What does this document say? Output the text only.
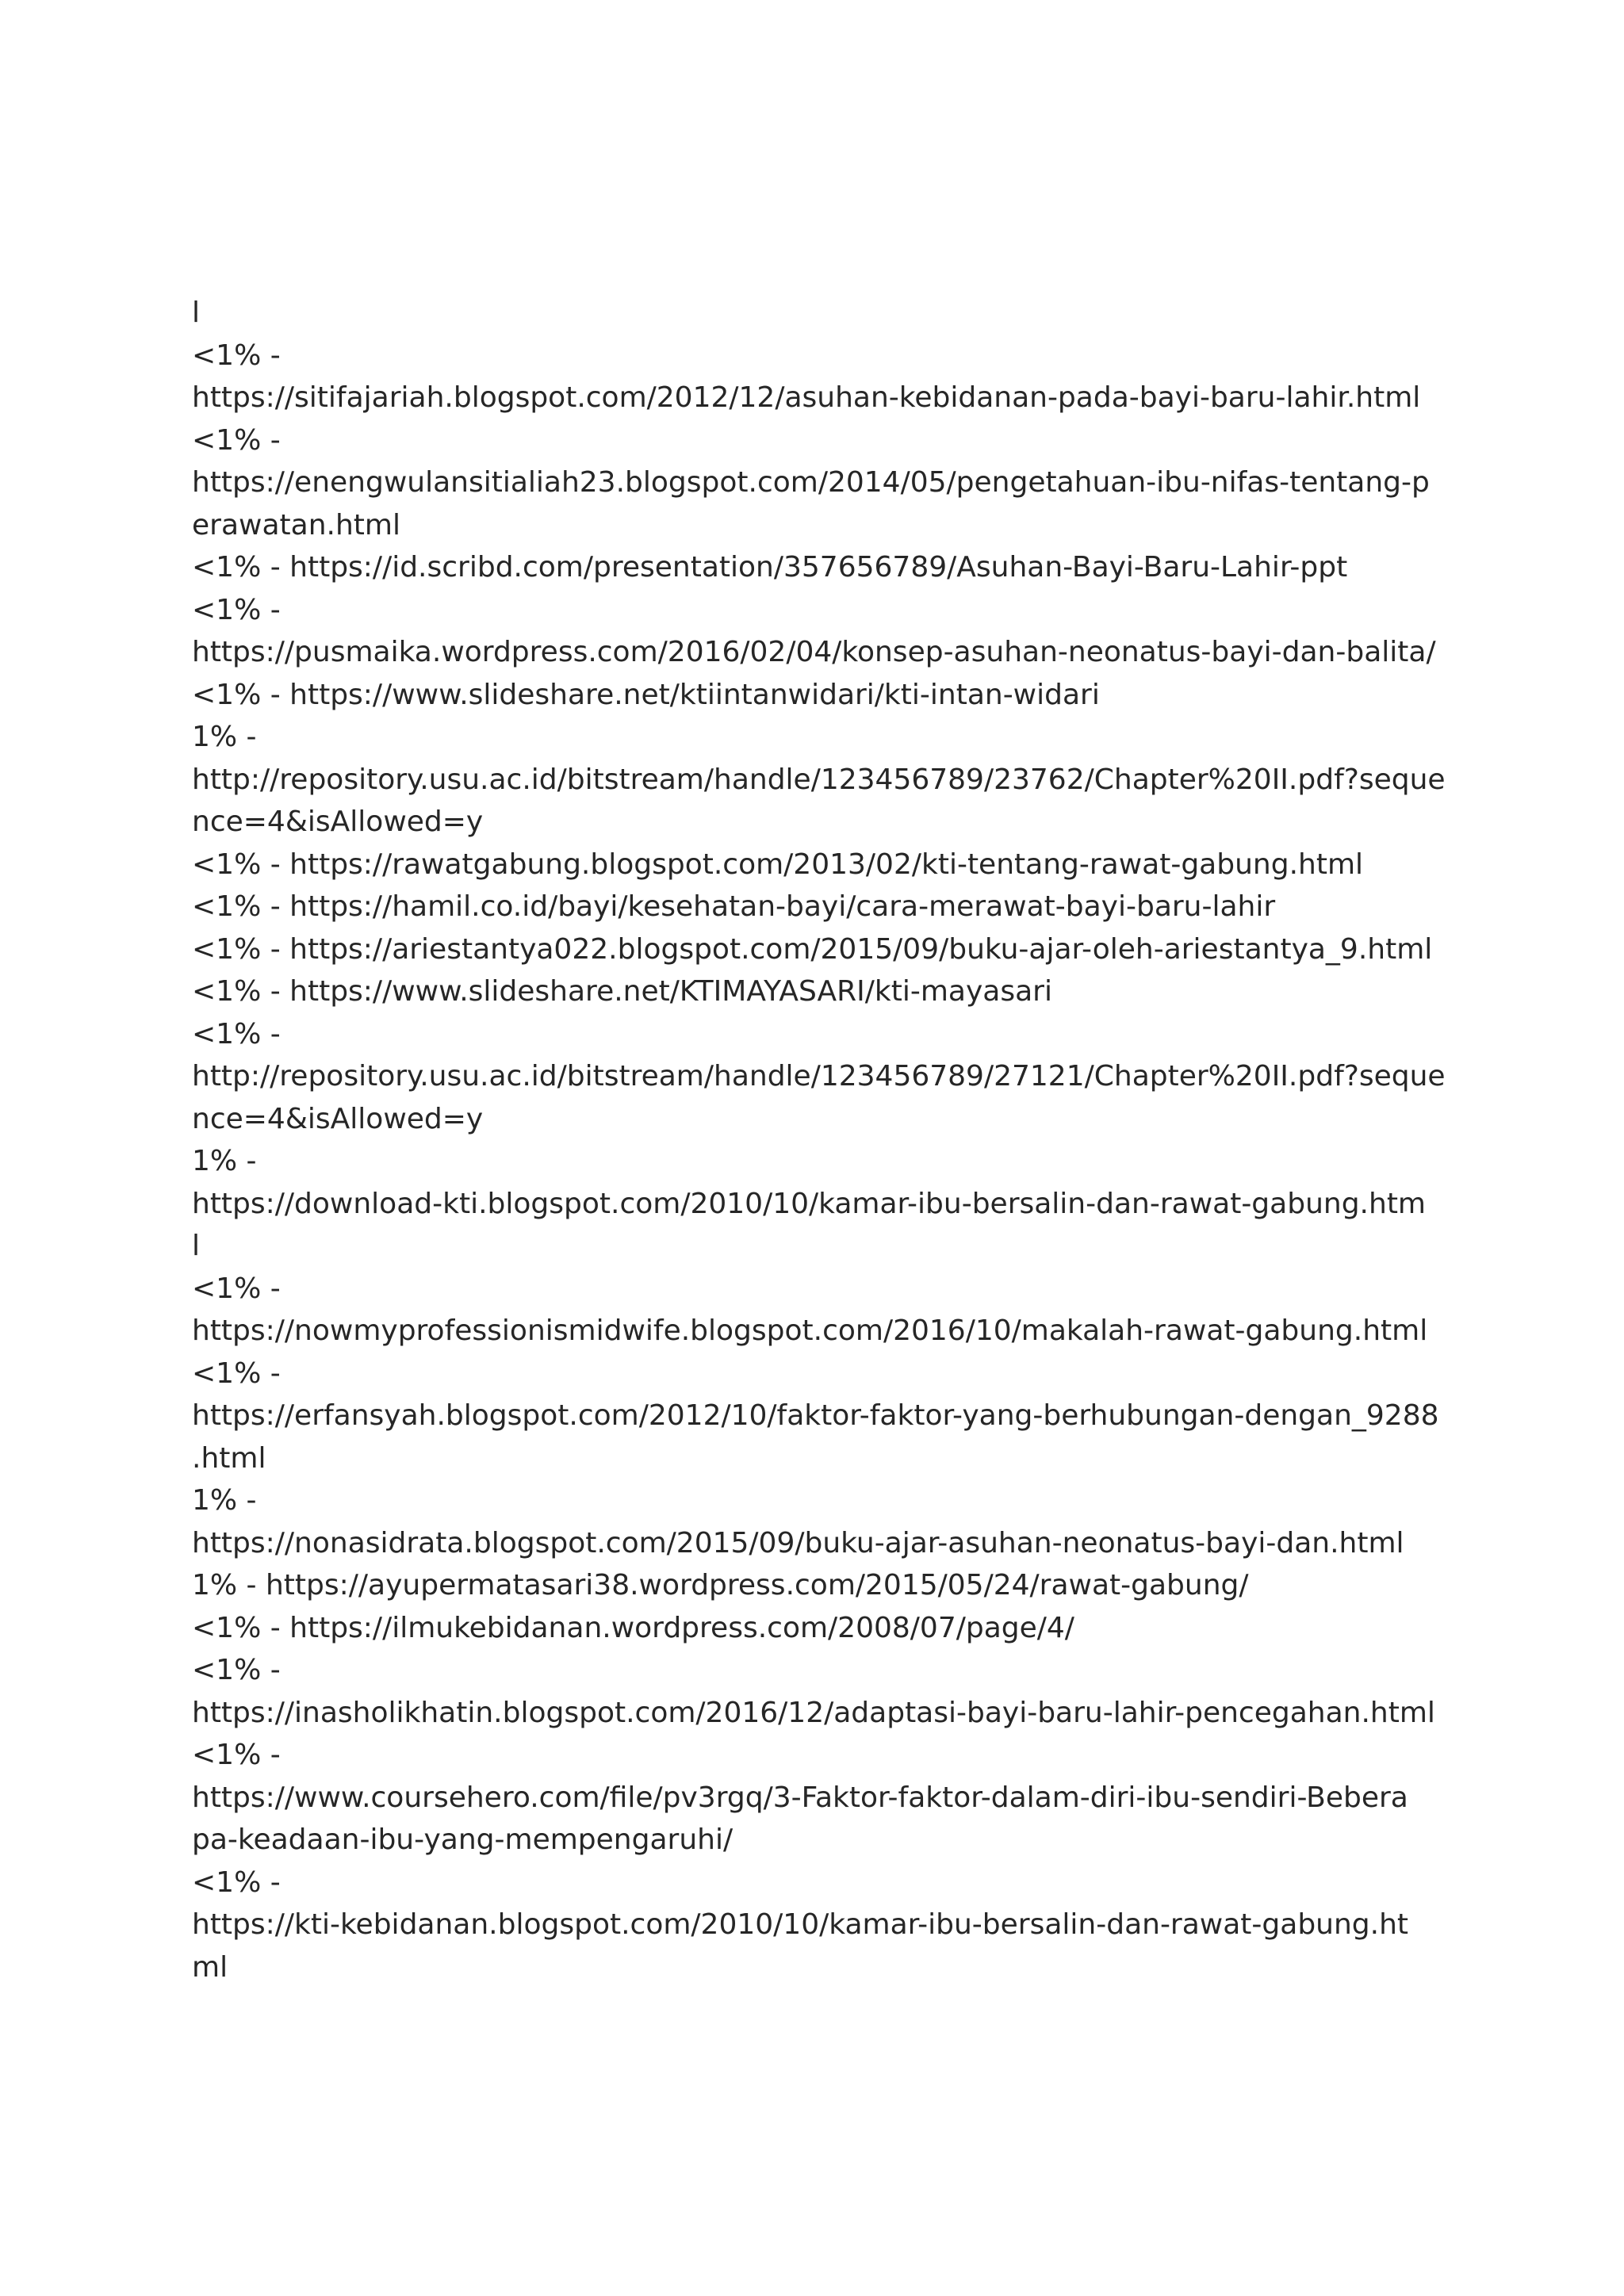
l
<1% -
https://sitifajariah.blogspot.com/2012/12/asuhan-kebidanan-pada-bayi-baru-lahir.html
<1% -
https://enengwulansitialiah23.blogspot.com/2014/05/pengetahuan-ibu-nifas-tentang-p
erawatan.html
<1% - https://id.scribd.com/presentation/357656789/Asuhan-Bayi-Baru-Lahir-ppt
<1% -
https://pusmaika.wordpress.com/2016/02/04/konsep-asuhan-neonatus-bayi-dan-balita/
<1% - https://www.slideshare.net/ktiintanwidari/kti-intan-widari
1% -
http://repository.usu.ac.id/bitstream/handle/123456789/23762/Chapter%20II.pdf?seque
nce=4&isAllowed=y
<1% - https://rawatgabung.blogspot.com/2013/02/kti-tentang-rawat-gabung.html
<1% - https://hamil.co.id/bayi/kesehatan-bayi/cara-merawat-bayi-baru-lahir
<1% - https://ariestantya022.blogspot.com/2015/09/buku-ajar-oleh-ariestantya_9.html
<1% - https://www.slideshare.net/KTIMAYASARI/kti-mayasari
<1% -
http://repository.usu.ac.id/bitstream/handle/123456789/27121/Chapter%20II.pdf?seque
nce=4&isAllowed=y
1% -
https://download-kti.blogspot.com/2010/10/kamar-ibu-bersalin-dan-rawat-gabung.htm
l
<1% -
https://nowmyprofessionismidwife.blogspot.com/2016/10/makalah-rawat-gabung.html
<1% -
https://erfansyah.blogspot.com/2012/10/faktor-faktor-yang-berhubungan-dengan_9288
.html
1% -
https://nonasidrata.blogspot.com/2015/09/buku-ajar-asuhan-neonatus-bayi-dan.html
1% - https://ayupermatasari38.wordpress.com/2015/05/24/rawat-gabung/
<1% - https://ilmukebidanan.wordpress.com/2008/07/page/4/
<1% -
https://inasholikhatin.blogspot.com/2016/12/adaptasi-bayi-baru-lahir-pencegahan.html
<1% -
https://www.coursehero.com/file/pv3rgq/3-Faktor-faktor-dalam-diri-ibu-sendiri-Bebera
pa-keadaan-ibu-yang-mempengaruhi/
<1% -
https://kti-kebidanan.blogspot.com/2010/10/kamar-ibu-bersalin-dan-rawat-gabung.ht
ml
